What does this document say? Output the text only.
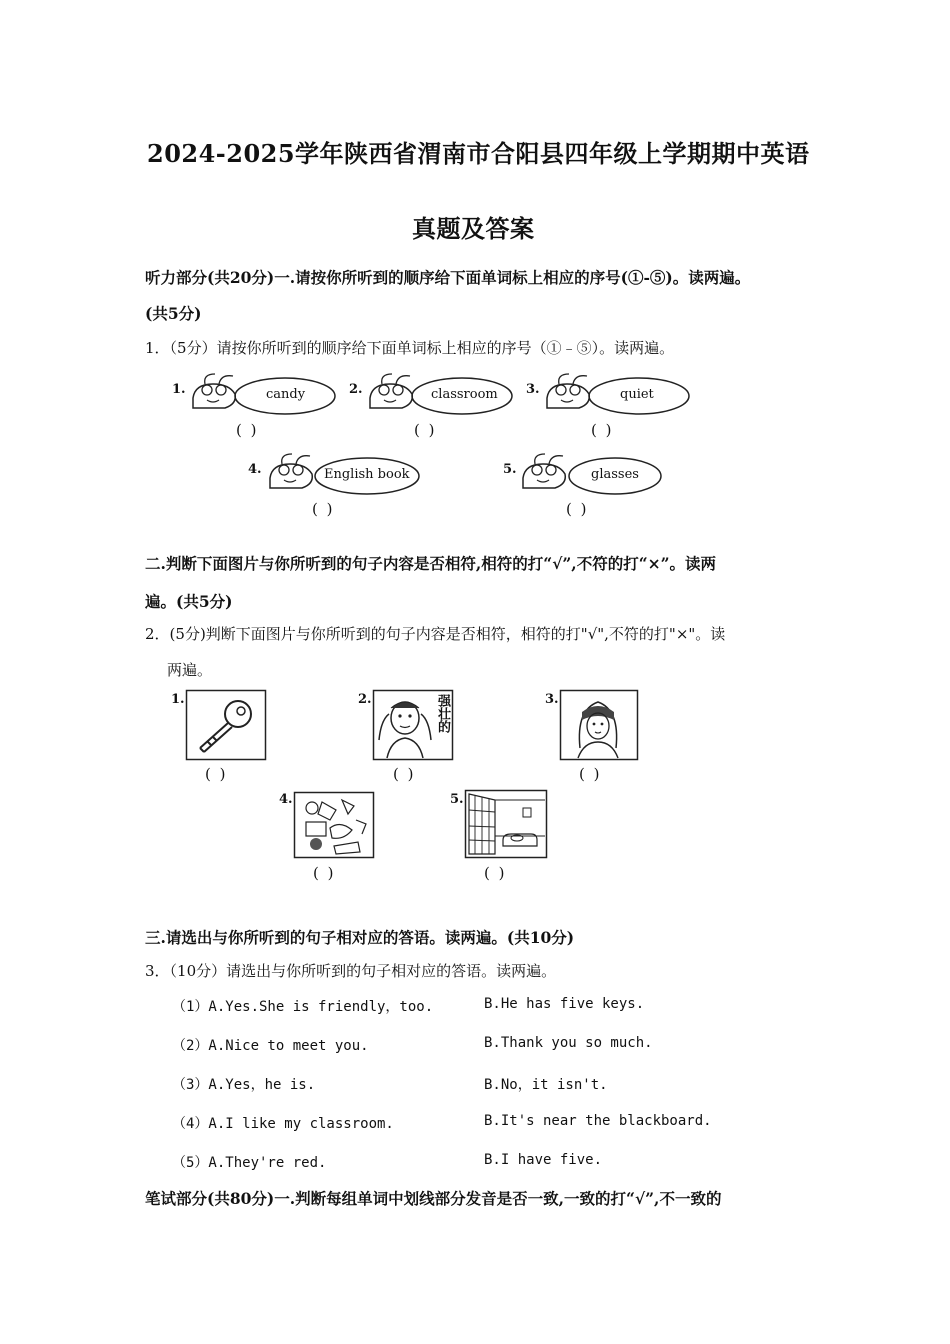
2024-2025学年陕西省渭南市合阳县四年级上学期期中英语
真题及答案
听力部分(共20分)一.请按你所听到的顺序给下面单词标上相应的序号(①-⑤)。读两遍。
(共5分)
1．（5分）请按你所听到的顺序给下面单词标上相应的序号（①﹣⑤）。读两遍。
1.	candy
( )
2.	classroom
( )
3.	quiet
( )
4.	English book
( )
5.	glasses
( )
二.判断下面图片与你所听到的句子内容是否相符,相符的打“√”,不符的打“×”。读两
遍。(共5分)
2．(5分)判断下面图片与你所听到的句子内容是否相符，相符的打"√",不符的打"×"。读
两遍。
1.
( )
2.	强壮的
( )
3.
( )
4.
( )
5.
( )
三.请选出与你所听到的句子相对应的答语。读两遍。(共10分)
3．（10分）请选出与你所听到的句子相对应的答语。读两遍。
（1）A.Yes.She is friendly，too.	B.He has five keys.
（2）A.Nice to meet you.	B.Thank you so much.
（3）A.Yes，he is.	B.No，it isn't.
（4）A.I like my classroom.	B.It's near the blackboard.
（5）A.They're red.	B.I have five.
笔试部分(共80分)一.判断每组单词中划线部分发音是否一致,一致的打“√”,不一致的
